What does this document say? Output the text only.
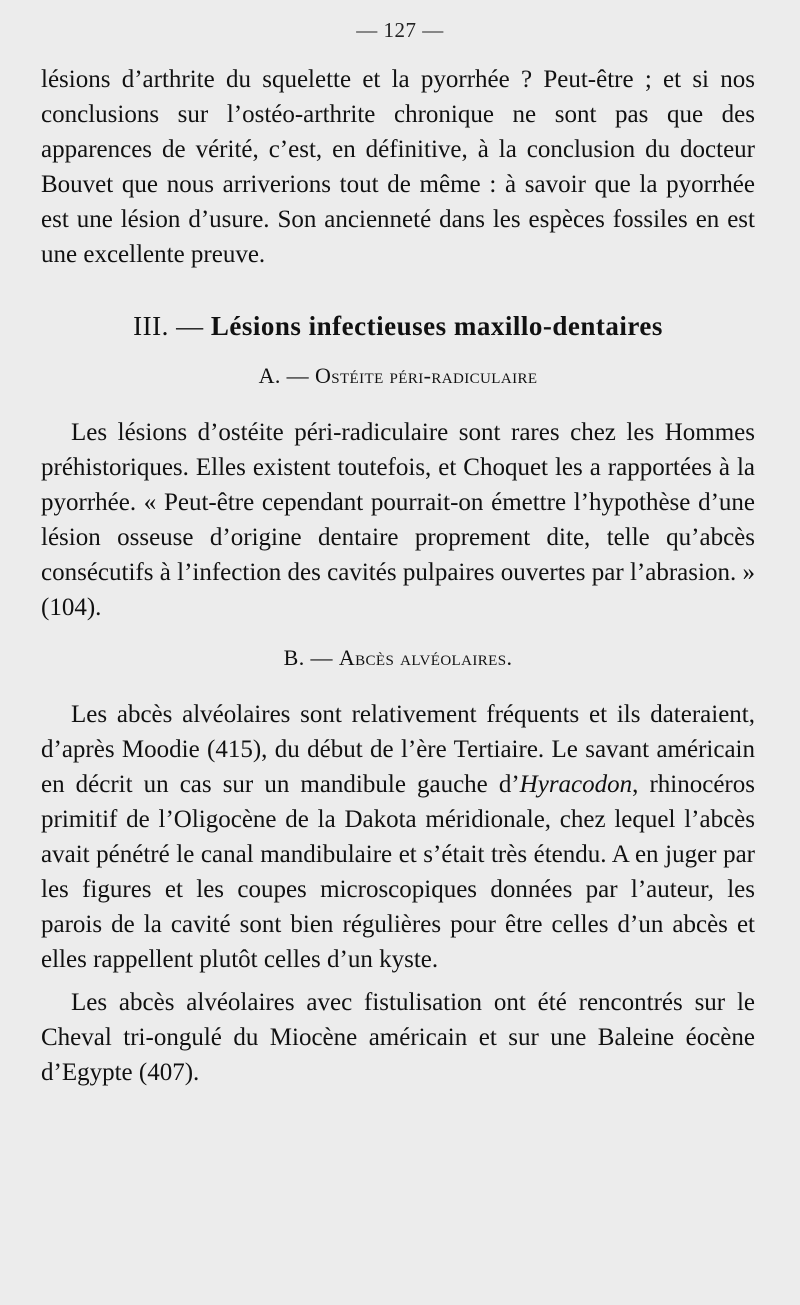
— 127 —

lésions d’arthrite du squelette et la pyorrhée ? Peut-être ; et si nos conclusions sur l’ostéo-arthrite chronique ne sont pas que des apparences de vérité, c’est, en définitive, à la conclusion du docteur Bouvet que nous arriverions tout de même : à savoir que la pyorrhée est une lésion d’usure. Son ancienneté dans les espèces fossiles en est une excellente preuve.

III. — Lésions infectieuses maxillo-dentaires
A. — Ostéite péri-radiculaire

Les lésions d’ostéite péri-radiculaire sont rares chez les Hommes préhistoriques. Elles existent toutefois, et Choquet les a rapportées à la pyorrhée. « Peut-être cependant pourrait-on émettre l’hypothèse d’une lésion osseuse d’origine dentaire proprement dite, telle qu’abcès consécutifs à l’infection des cavités pulpaires ouvertes par l’abrasion. » (104).

B. — Abcès alvéolaires.

Les abcès alvéolaires sont relativement fréquents et ils dateraient, d’après Moodie (415), du début de l’ère Tertiaire. Le savant américain en décrit un cas sur un mandibule gauche d’Hyracodon, rhinocéros primitif de l’Oligocène de la Dakota méridionale, chez lequel l’abcès avait pénétré le canal mandibulaire et s’était très étendu. A en juger par les figures et les coupes microscopiques données par l’auteur, les parois de la cavité sont bien régulières pour être celles d’un abcès et elles rappellent plutôt celles d’un kyste.

Les abcès alvéolaires avec fistulisation ont été rencontrés sur le Cheval tri-ongulé du Miocène américain et sur une Baleine éocène d’Egypte (407).
